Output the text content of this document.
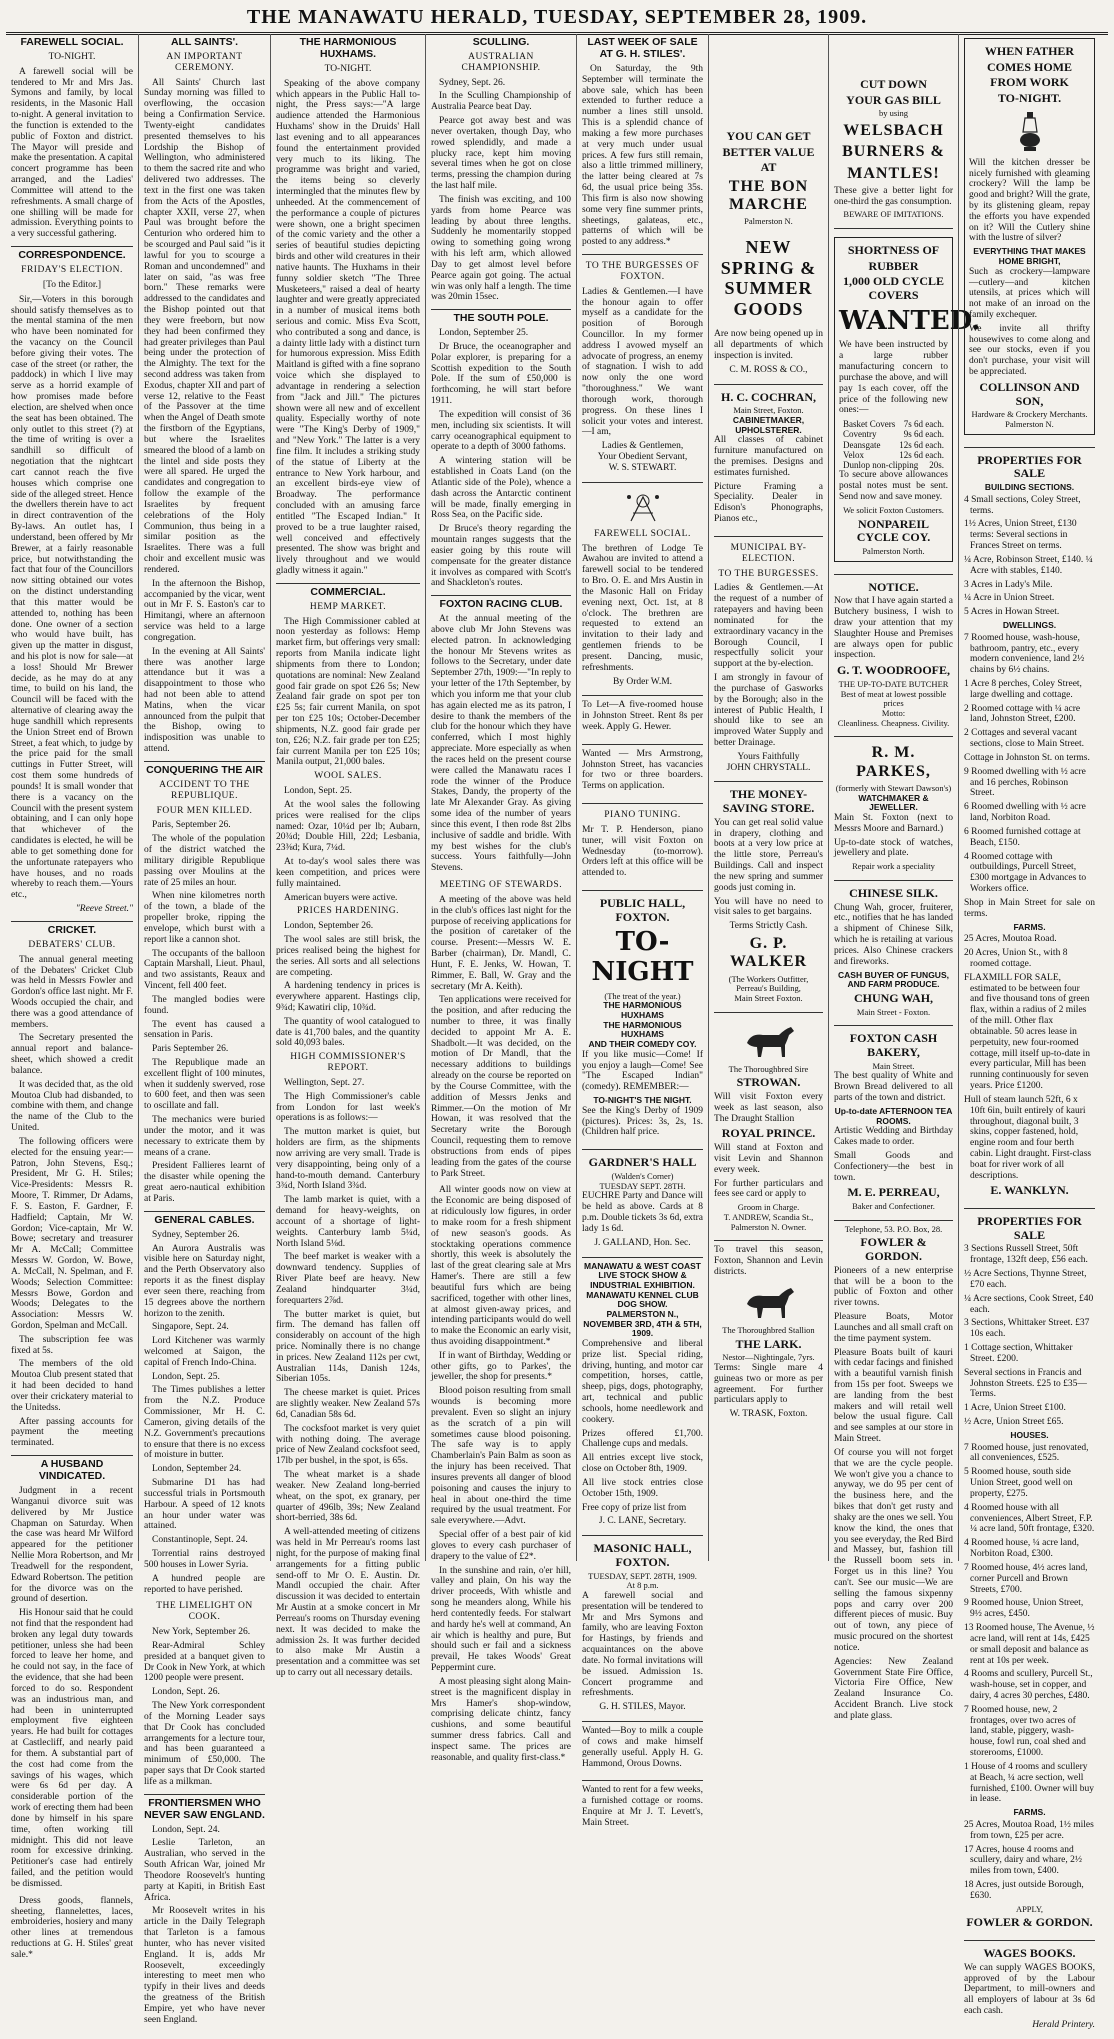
THE MANAWATU HERALD, TUESDAY, SEPTEMBER 28, 1909.
FAREWELL SOCIAL.
TO-NIGHT.

A farewell social will be tendered to Mr and Mrs Jas. Symons and family, by local residents, in the Masonic Hall to-night. A general invitation to the function is extended to the public of Foxton and district. The Mayor will preside and make the presentation. A capital concert programme has been arranged, and the Ladies' Committee will attend to the refreshments. A small charge of one shilling will be made for admission. Everything points to a very successful gathering.

CORRESPONDENCE.
FRIDAY'S ELECTION.
[To the Editor.]

Sir,—Voters in this borough should satisfy themselves as to the mental stamina of the men who have been nominated for the vacancy on the Council before giving their votes. The case of the street (or rather, the paddock) in which I live may serve as a horrid example of how promises made before election, are shelved when once the seat has been obtained. The only outlet to this street (?) at the time of writing is over a sandhill so difficult of negotiation that the nightcart cart cannot reach the five houses which comprise one side of the alleged street. Hence the dwellers therein have to act in direct contravention of the By-laws. An outlet has, I understand, been offered by Mr Brewer, at a fairly reasonable price, but notwithstanding the fact that four of the Councillors now sitting obtained our votes on the distinct understanding that this matter would be attended to, nothing has been done. One owner of a section who would have built, has given up the matter in disgust, and his plot is now for sale—at a loss! Should Mr Brewer decide, as he may do at any time, to build on his land, the Council will be faced with the alternative of clearing away the huge sandhill which represents the Union Street end of Brown Street, a feat which, to judge by the price paid for the small cuttings in Futter Street, will cost them some hundreds of pounds! It is small wonder that there is a vacancy on the Council with the present system obtaining, and I can only hope that whichever of the candidates is elected, he will be able to get something done for the unfortunate ratepayers who have houses, and no roads whereby to reach them.—Yours etc.,

"Reeve Street."
CRICKET.
DEBATERS' CLUB.

The annual general meeting of the Debaters' Cricket Club was held in Messrs Fowler and Gordon's office last night. Mr F. Woods occupied the chair, and there was a good attendance of members.

The Secretary presented the annual report and balance-sheet, which showed a credit balance.

It was decided that, as the old Moutoa Club had disbanded, to combine with them, and change the name of the Club to the United.

The following officers were elected for the ensuing year:—Patron, John Stevens, Esq.; President, Mr G. H. Stiles; Vice-Presidents: Messrs R. Moore, T. Rimmer, Dr Adams, F. S. Easton, F. Gardner, F. Hadfield; Captain, Mr W. Gordon; Vice-captain, Mr W. Bowe; secretary and treasurer Mr A. McCall; Committee Messrs W. Gordon, W. Bowe, A. McCall, N. Spelman, and F. Woods; Selection Committee: Messrs Bowe, Gordon and Woods; Delegates to the Association: Messrs W. Gordon, Spelman and McCall.

The subscription fee was fixed at 5s.

The members of the old Moutoa Club present stated that it had been decided to hand over their crickatery material to the Unitedss.

After passing accounts for payment the meeting terminated.

A HUSBAND VINDICATED.

Judgment in a recent Wanganui divorce suit was delivered by Mr Justice Chapman on Saturday. When the case was heard Mr Wilford appeared for the petitioner Nellie Mora Robertson, and Mr Treadwell for the respondent, Edward Robertson. The petition for the divorce was on the ground of desertion.

His Honour said that he could not find that the respondent had broken any legal duty towards petitioner, unless she had been forced to leave her home, and he could not say, in the face of the evidence, that she had been forced to do so. Respondent was an industrious man, and had been in uninterrupted employment five eighteen years. He had built for cottages at Castlecliff, and nearly paid for them. A substantial part of the cost had come from the savings of his wages, which were 6s 6d per day. A considerable portion of the work of erecting them had been done by himself in his spare time, often working till midnight. This did not leave room for excessive drinking. Petitioner's case had entirely failed, and the petition would be dismissed.

Dress goods, flannels, sheeting, flannelettes, laces, embroideries, hosiery and many other lines at tremendous reductions at G. H. Stiles' great sale.*

ALL SAINTS'.
AN IMPORTANT CEREMONY.

All Saints' Church last Sunday morning was filled to overflowing, the occasion being a Confirmation Service. Twenty-eight candidates presented themselves to his Lordship the Bishop of Wellington, who administered to them the sacred rite and who delivered two addresses. The text in the first one was taken from the Acts of the Apostles, chapter XXII, verse 27, when Paul was brought before the Centurion who ordered him to be scourged and Paul said "is it lawful for you to scourge a Roman and uncondemned" and later on said, "as was free born." These remarks were addressed to the candidates and the Bishop pointed out that they were freeborn, but now they had been confirmed they had greater privileges than Paul being under the protection of the Almighty. The text for the second address was taken from Exodus, chapter XII and part of verse 12, relative to the Feast of the Passover at the time when the Angel of Death smote the firstborn of the Egyptians, but where the Israelites smeared the blood of a lamb on the lintel and side posts they were all spared. He urged the candidates and congregation to follow the example of the Israelites by frequent celebrations of the Holy Communion, thus being in a similar position as the Israelites. There was a full choir and excellent music was rendered.

In the afternoon the Bishop, accompanied by the vicar, went out in Mr F. S. Easton's car to Himitangi, where an afternoon service was held to a large congregation.

In the evening at All Saints' there was another large attendance but it was a disappointment to those who had not been able to attend Matins, when the vicar announced from the pulpit that the Bishop, owing to indisposition was unable to attend.

CONQUERING THE AIR
ACCIDENT TO THE REPUBLIQUE.
FOUR MEN KILLED.

Paris, September 26.

The whole of the population of the district watched the military dirigible Republique passing over Moulins at the rate of 25 miles an hour.

When nine kilometres north of the town, a blade of the propeller broke, ripping the envelope, which burst with a report like a cannon shot.

The occupants of the balloon Captain Marshall, Lieut. Phaul, and two assistants, Reaux and Vincent, fell 400 feet.

The mangled bodies were found.

The event has caused a sensation in Paris.

Paris September 26.

The Republique made an excellent flight of 100 minutes, when it suddenly swerved, rose to 600 feet, and then was seen to oscillate and fall.

The mechanics were buried under the motor, and it was necessary to extricate them by means of a crane.

President Fallieres learnt of the disaster while opening the great aero-nautical exhibition at Paris.

GENERAL CABLES.

Sydney, September 26.

An Aurora Australis was visible here on Saturday night, and the Perth Observatory also reports it as the finest display ever seen there, reaching from 15 degrees above the northern horizon to the zenith.

Singapore, Sept. 24.

Lord Kitchener was warmly welcomed at Saigon, the capital of French Indo-China.

London, Sept. 25.

The Times publishes a letter from the N.Z. Produce Commissioner, Mr H. C. Cameron, giving details of the N.Z. Government's precautions to ensure that there is no excess of moisture in butter.

London, September 24.

Submarine D1 has had successful trials in Portsmouth Harbour. A speed of 12 knots an hour under water was attained.

Constantinople, Sept. 24.

Torrential rains destroyed 500 houses in Lower Syria.

A hundred people are reported to have perished.

THE LIMELIGHT ON COOK.

New York, September 26.

Rear-Admiral Schley presided at a banquet given to Dr Cook in New York, at which 1200 people were present.

London, Sept. 26.

The New York correspondent of the Morning Leader says that Dr Cook has concluded arrangements for a lecture tour, and has been guaranteed a minimum of £50,000. The paper says that Dr Cook started life as a milkman.

FRONTIERSMEN WHO NEVER SAW ENGLAND.

London, Sept. 24.

Leslie Tarleton, an Australian, who served in the South African War, joined Mr Theodore Roosevelt's hunting party at Kapiti, in British East Africa.

Mr Roosevelt writes in his article in the Daily Telegraph that Tarleton is a famous hunter, who has never visited England. It is, adds Mr Roosevelt, exceedingly interesting to meet men who typify in their lives and deeds the greatness of the British Empire, yet who have never seen England.

THE HARMONIOUS HUXHAMS.
TO-NIGHT.

Speaking of the above company which appears in the Public Hall to-night, the Press says:—"A large audience attended the Harmonious Huxhams' show in the Druids' Hall last evening and to all appearances found the entertainment provided very much to its liking. The programme was bright and varied, the items being so cleverly intermingled that the minutes flew by unheeded. At the commencement of the performance a couple of pictures were shown, one a bright specimen of the comic variety and the other a series of beautiful studies depicting birds and other wild creatures in their native haunts. The Huxhams in their funny soldier sketch "The Three Musketeers," raised a deal of hearty laughter and were greatly appreciated in a number of musical items both serious and comic. Miss Eva Scott, who contributed a song and dance, is a dainty little lady with a distinct turn for humorous expression. Miss Edith Maitland is gifted with a fine soprano voice which she displayed to advantage in rendering a selection from "Jack and Jill." The pictures shown were all new and of excellent quality. Especially worthy of note were "The King's Derby of 1909," and "New York." The latter is a very fine film. It includes a striking study of the statue of Liberty at the entrance to New York harbour, and an excellent birds-eye view of Broadway. The performance concluded with an amusing farce entitled "The Escaped Indian." It proved to be a true laughter raised, well conceived and effectively presented. The show was bright and lively throughout and we would gladly witness it again."

COMMERCIAL.
HEMP MARKET.

The High Commissioner cabled at noon yesterday as follows: Hemp market firm, but offerings very small: reports from Manila indicate light shipments from there to London; quotations are nominal: New Zealand good fair grade on spot £26 5s; New Zealand fair grade on spot per ton £25 5s; fair current Manila, on spot per ton £25 10s; October-December shipments, N.Z. good fair grade per ton, £26; N.Z. fair grade per ton £25; fair current Manila per ton £25 10s; Manila output, 21,000 bales.

WOOL SALES.

London, Sept. 25.

At the wool sales the following prices were realised for the clips named: Ozar, 10¼d per lb; Aubarn, 20¾d; Double Hill, 22d; Lesbania, 23⅜d; Kura, 7¼d.

At to-day's wool sales there was keen competition, and prices were fully maintained.

American buyers were active.

PRICES HARDENING.

London, September 26.

The wool sales are still brisk, the prices realised being the highest for the series. All sorts and all selections are competing.

A hardening tendency in prices is everywhere apparent. Hastings clip, 9¾d; Kawatiri clip, 10¾d.

The quantity of wool catalogued to date is 41,700 bales, and the quantity sold 40,093 bales.

HIGH COMMISSIONER'S REPORT.

Wellington, Sept. 27.

The High Commissioner's cable from London for last week's operations is as follows:—

The mutton market is quiet, but holders are firm, as the shipments now arriving are very small. Trade is very disappointing, being only of a hand-to-mouth demand. Canterbury 3¾d, North Island 3¾d.

The lamb market is quiet, with a demand for heavy-weights, on account of a shortage of light-weights. Canterbury lamb 5¼d, North Island 5⅛d.

The beef market is weaker with a downward tendency. Supplies of River Plate beef are heavy. New Zealand hindquarter 3¼d, forequarters 2⅞d.

The butter market is quiet, but firm. The demand has fallen off considerably on account of the high price. Nominally there is no change in prices. New Zealand 112s per cwt, Australian 114s, Danish 124s, Siberian 105s.

The cheese market is quiet. Prices are slightly weaker. New Zealand 57s 6d, Canadian 58s 6d.

The cocksfoot market is very quiet with nothing doing. The average price of New Zealand cocksfoot seed, 17lb per bushel, in the spot, is 65s.

The wheat market is a shade weaker. New Zealand long-berried wheat, on the spot, ex granary, per quarter of 496lb, 39s; New Zealand short-berried, 38s 6d.

A well-attended meeting of citizens was held in Mr Perreau's rooms last night, for the purpose of making final arrangements for a fitting public send-off to Mr O. E. Austin. Dr. Mandl occupied the chair. After discussion it was decided to entertain Mr Austin at a smoke concert in Mr Perreau's rooms on Thursday evening next. It was decided to make the admission 2s. It was further decided to also make Mr Austin a presentation and a committee was set up to carry out all necessary details.

SCULLING.
AUSTRALIAN CHAMPIONSHIP.

Sydney, Sept. 26.

In the Sculling Championship of Australia Pearce beat Day.

Pearce got away best and was never overtaken, though Day, who rowed splendidly, and made a plucky race, kept him moving several times when he got on close terms, pressing the champion during the last half mile.

The finish was exciting, and 100 yards from home Pearce was leading by about three lengths. Suddenly he momentarily stopped owing to something going wrong with his left arm, which allowed Day to get almost level before Pearce again got going. The actual win was only half a length. The time was 20min 15sec.

THE SOUTH POLE.

London, September 25.

Dr Bruce, the oceanographer and Polar explorer, is preparing for a Scottish expedition to the South Pole. If the sum of £50,000 is forthcoming, he will start before 1911.

The expedition will consist of 36 men, including six scientists. It will carry oceanographical equipment to operate to a depth of 3000 fathoms.

A wintering station will be established in Coats Land (on the Atlantic side of the Pole), whence a dash across the Antarctic continent will be made, finally emerging in Ross Sea, on the Pacific side.

Dr Bruce's theory regarding the mountain ranges suggests that the easier going by this route will compensate for the greater distance it involves as compared with Scott's and Shackleton's routes.

FOXTON RACING CLUB.

At the annual meeting of the above club Mr John Stevens was elected patron. In acknowledging the honour Mr Stevens writes as follows to the Secretary, under date September 27th, 1909:—"In reply to your letter of the 17th September, by which you inform me that your club has again elected me as its patron, I desire to thank the members of the club for the honour which they have conferred, which I most highly appreciate. More especially as when the races held on the present course were called the Manawatu races I rode the winner of the Produce Stakes, Dandy, the property of the late Mr Alexander Gray. As giving some idea of the number of years since this event, I then rode 8st 2lbs inclusive of saddle and bridle. With my best wishes for the club's success. Yours faithfully—John Stevens.

MEETING OF STEWARDS.

A meeting of the above was held in the club's offices last night for the purpose of receiving applications for the position of caretaker of the course. Present:—Messrs W. E. Barber (chairman), Dr. Mandl, C. Hunt, F. E. Jenks, W. Howan, T. Rimmer, E. Ball, W. Gray and the secretary (Mr A. Keith).

Ten applications were received for the position, and after reducing the number to three, it was finally decided to appoint Mr A. E. Shadbolt.—It was decided, on the motion of Dr Mandl, that the necessary additions to buildings already on the course be reported on by the Course Committee, with the addition of Messrs Jenks and Rimmer.—On the motion of Mr Howan, it was resolved that the Secretary write the Borough Council, requesting them to remove obstructions from ends of pipes leading from the gates of the course to Park Street.

All winter goods now on view at the Economic are being disposed of at ridiculously low figures, in order to make room for a fresh shipment of new season's goods. As stocktaking operations commence shortly, this week is absolutely the last of the great clearing sale at Mrs Hamer's. There are still a few beautiful furs which are being sacrificed, together with other lines, at almost given-away prices, and intending participants would do well to make the Economic an early visit, thus avoiding disappointment.*

If in want of Birthday, Wedding or other gifts, go to Parkes', the jeweller, the shop for presents.*

Blood poison resulting from small wounds is becoming more prevalent. Even so slight an injury as the scratch of a pin will sometimes cause blood poisoning. The safe way is to apply Chamberlain's Pain Balm as soon as the injury has been received. That insures prevents all danger of blood poisoning and causes the injury to heal in about one-third the time required by the usual treatment. For sale everywhere.—Advt.

Special offer of a best pair of kid gloves to every cash purchaser of drapery to the value of £2*.

In the sunshine and rain, o'er hill, valley and plain, On his way the driver proceeds, With whistle and song he meanders along, While his herd contentedly feeds. For stalwart and hardy he's well at command, An air which is healthy and pure, But should such er fail and a sickness prevail, He takes Woods' Great Peppermint cure.

A most pleasing sight along Main-street is the magnificent display in Mrs Hamer's shop-window, comprising delicate chintz, fancy cushions, and some beautiful summer dress fabrics. Call and inspect same. The prices are reasonable, and quality first-class.*

LAST WEEK OF SALE AT G. H. STILES'.

On Saturday, the 9th September will terminate the above sale, which has been extended to further reduce a number a lines still unsold. This is a splendid chance of making a few more purchases at very much under usual prices. A few furs still remain, also a little trimmed millinery, the latter being cleared at 7s 6d, the usual price being 35s. This firm is also now showing some very fine summer prints, sheetings, galateas, etc., patterns of which will be posted to any address.*

TO THE BURGESSES OF FOXTON.

Ladies & Gentlemen.—I have the honour again to offer myself as a candidate for the position of Borough Councillor. In my former address I avowed myself an advocate of progress, an enemy of stagnation. I wish to add now only the one word "thoroughness." We want thorough work, thorough progress. On these lines I solicit your votes and interest.—I am,

Ladies & Gentlemen,
Your Obedient Servant,
W. S. STEWART.
FAREWELL SOCIAL.

The brethren of Lodge Te Awahou are invited to attend a farewell social to be tendered to Bro. O. E. and Mrs Austin in the Masonic Hall on Friday evening next, Oct. 1st, at 8 o'clock. The brethren are requested to extend an invitation to their lady and gentlemen friends to be present. Dancing, music, refreshments.

By Order W.M.

To Let—A five-roomed house in Johnston Street. Rent 8s per week. Apply G. Hewer.

Wanted — Mrs Armstrong, Johnston Street, has vacancies for two or three boarders. Terms on application.

PIANO TUNING.

Mr T. P. Henderson, piano tuner, will visit Foxton on Wednesday (to-morrow). Orders left at this office will be attended to.

PUBLIC HALL, FOXTON.
TO-NIGHT
(The treat of the year.)
THE HARMONIOUS HUXHAMS
THE HARMONIOUS HUXHAMS
AND THEIR COMEDY COY.

If you like music—Come! If you enjoy a laugh—Come! See "The Escaped Indian" (comedy). REMEMBER:—

TO-NIGHT'S THE NIGHT.

See the King's Derby of 1909 (pictures). Prices: 3s, 2s, 1s. (Children half price.

GARDNER'S HALL
(Walden's Corner)
TUESDAY SEPT. 28TH.

EUCHRE Party and Dance will be held as above. Cards at 8 p.m. Double tickets 3s 6d, extra lady 1s 6d.

J. GALLAND, Hon. Sec.
MANAWATU & WEST COAST LIVE STOCK SHOW & INDUSTRIAL EXHIBITION.
MANAWATU KENNEL CLUB DOG SHOW.
PALMERSTON N., NOVEMBER 3RD, 4TH & 5TH, 1909.

Comprehensive and liberal prize list. Special riding, driving, hunting, and motor car competition, horses, cattle, sheep, pigs, dogs, photography, art, technical and public schools, home needlework and cookery.

Prizes offered £1,700. Challenge cups and medals.

All entries except live stock, close on October 8th, 1909.

All live stock entries close October 15th, 1909.

Free copy of prize list from

J. C. LANE, Secretary.
MASONIC HALL, FOXTON.
TUESDAY, SEPT. 28TH, 1909.
At 8 p.m.

A farewell social and presentation will be tendered to Mr and Mrs Symons and family, who are leaving Foxton for Hastings, by friends and acquaintances on the above date. No formal invitations will be issued. Admission 1s. Concert programme and refreshments.

G. H. STILES, Mayor.

Wanted—Boy to milk a couple of cows and make himself generally useful. Apply H. G. Hammond, Orous Downs.

Wanted to rent for a few weeks, a furnished cottage or rooms. Enquire at Mr J. T. Levett's, Main Street.

YOU CAN GET
BETTER VALUE
AT
THE BON MARCHE
Palmerston N.
NEW SPRING & SUMMER GOODS

Are now being opened up in all departments of which inspection is invited.

C. M. ROSS & CO.,
H. C. COCHRAN,
Main Street, Foxton.
CABINETMAKER, UPHOLSTERER.

All classes of cabinet furniture manufactured on the premises. Designs and estimates furnished.

Picture Framing a Speciality. Dealer in Edison's Phonographs, Pianos etc.,

MUNICIPAL BY-ELECTION.
TO THE BURGESSES.

Ladies & Gentlemen.—At the request of a number of ratepayers and having been nominated for the extraordinary vacancy in the Borough Council, I respectfully solicit your support at the by-election.

I am strongly in favour of the purchase of Gasworks by the Borough; also in the interest of Public Health, I should like to see an improved Water Supply and better Drainage.

Yours Faithfully
JOHN CHRYSTALL.
THE MONEY-SAVING STORE.

You can get real solid value in drapery, clothing and boots at a very low price at the little store, Perreau's Buildings. Call and inspect the new spring and summer goods just coming in.

You will have no need to visit sales to get bargains.

Terms Strictly Cash.
G. P. WALKER
(The Workers Outfitter,
Perreau's Building,
Main Street Foxton.
The Thoroughbred Sire
STROWAN.

Will visit Foxton every week as last season, also The Draught Stallion

ROYAL PRINCE.

Will stand at Foxton and visit Levin and Shannon every week.

For further particulars and fees see card or apply to

Groom in Charge.
T. ANDREW, Scandia St., Palmerston N. Owner.

To travel this season, Foxton, Shannon and Levin districts.

The Thoroughbred Stallion
THE LARK.
Nestor—Nightingale, 7yrs.

Terms: Single mare 4 guineas two or more as per agreement. For further particulars apply to

W. TRASK, Foxton.
CUT DOWN
YOUR GAS BILL
by using
WELSBACH
BURNERS &
MANTLES!

These give a better light for one-third the gas consumption.

BEWARE OF IMITATIONS.
SHORTNESS OF
RUBBER
1,000 OLD CYCLE COVERS
WANTED.

We have been instructed by a large rubber manufacturing concern to purchase the above, and will pay 1s each cover, off the price of the following new ones:—

Basket Covers 7s 6d each.
Coventry	9s 6d each.
Deansgate 12s 6d each.
Velox	12s 6d each.
Dunlop non-clipping 20s.

To secure above allowances postal notes must be sent. Send now and save money.

We solicit Foxton Customers.
NONPAREIL CYCLE COY.
Palmerston North.
NOTICE.

Now that I have again started a Butchery business, I wish to draw your attention that my Slaughter House and Premises are always open for public inspection.

G. T. WOODROOFE,
THE UP-TO-DATE BUTCHER
Best of meat at lowest possible prices
Motto:
Cleanliness. Cheapness. Civility.
R. M. PARKES,
(formerly with Stewart Dawson's)
WATCHMAKER & JEWELLER.

Main St. Foxton (next to Messrs Moore and Barnard.)

Up-to-date stock of watches, jewellery and plate.

Repair work a speciality
CHINESE SILK.

Chung Wah, grocer, fruiterer, etc., notifies that he has landed a shipment of Chinese Silk, which he is retailing at various prices. Also Chinese crackers and fireworks.

CASH BUYER OF FUNGUS, AND FARM PRODUCE.
CHUNG WAH,
Main Street - Foxton.
FOXTON CASH BAKERY,
Main Street.

The best quality of White and Brown Bread delivered to all parts of the town and district.

Up-to-date AFTERNOON TEA ROOMS.

Artistic Wedding and Birthday Cakes made to order.

Small Goods and Confectionery—the best in town.

M. E. PERREAU,
Baker and Confectioner.
Telephone, 53. P.O. Box, 28.
FOWLER & GORDON.

Pioneers of a new enterprise that will be a boon to the public of Foxton and other river towns.

Pleasure Boats, Motor Launches and all small craft on the time payment system.

Pleasure Boats built of kauri with cedar facings and finished with a beautiful varnish finish from 15s per foot. Sweeps we are landing from the best makers and will retail well below the usual figure. Call and see samples at our store in Main Street.

Of course you will not forget that we are the cycle people. We won't give you a chance to anyway, we do 95 per cent of the business here, and the bikes that don't get rusty and shaky are the ones we sell. You know the kind, the ones that you see everyday, the Red Bird and Massey, but, fashion till the Russell boom sets in. Forget us in this line? You can't. See our music—We are selling the famous sixpenny pops and carry over 200 different pieces of music. Buy out of town, any piece of music procured on the shortest notice.

Agencies: New Zealand Government State Fire Office, Victoria Fire Office, New Zealand Insurance Co. Accident Branch. Live stock and plate glass.

WHEN FATHER
COMES HOME
FROM WORK
TO-NIGHT.

Will the kitchen dresser be nicely furnished with gleaming crockery? Will the lamp be good and bright? Will the grate, by its glistening gleam, repay the efforts you have expended on it? Will the Cutlery shine with the lustre of silver?

EVERYTHING THAT MAKES HOME BRIGHT,

Such as crockery—lampware—cutlery—and kitchen utensils, at prices which will not make of an inroad on the family exchequer.

We invite all thrifty housewives to come along and see our stocks, even if you don't purchase, your visit will be appreciated.

COLLINSON AND SON,
Hardware & Crockery Merchants.
Palmerston N.
PROPERTIES FOR SALE
BUILDING SECTIONS.
4 Small sections, Coley Street, terms.
1½ Acres, Union Street, £130 terms: Several sections in Frances Street on terms.
¼ Acre, Robinson Street, £140. ¼ Acre with stables, £140.
3 Acres in Lady's Mile.
¼ Acre in Union Street.
5 Acres in Howan Street.
DWELLINGS.
7 Roomed house, wash-house, bathroom, pantry, etc., every modern convenience, land 2½ chains by 6½ chains.
1 Acre 8 perches, Coley Street, large dwelling and cottage.
2 Roomed cottage with ¼ acre land, Johnston Street, £200.
2 Cottages and several vacant sections, close to Main Street.
Cottage in Johnston St. on terms.
9 Roomed dwelling with ½ acre and 16 perches, Robinson Street.
6 Roomed dwelling with ½ acre land, Norbiton Road.
6 Roomed furnished cottage at Beach, £150.
4 Roomed cottage with outbuildings, Purcell Street, £300 mortgage in Advances to Workers office.

Shop in Main Street for sale on terms.

FARMS.
25 Acres, Moutoa Road.
20 Acres, Union St., with 8 roomed cottage.
FLAXMILL FOR SALE, estimated to be between four and five thousand tons of green flax, within a radius of 2 miles of the mill. Other flax obtainable. 50 acres lease in perpetuity, new four-roomed cottage, mill itself up-to-date in every particular, Mill has been running continuously for seven years. Price £1200.
Hull of steam launch 52ft, 6 x 10ft 6in, built entirely of kauri throughout, diagonal built, 3 skins, copper fastened, hold, engine room and four berth cabin. Light draught. First-class boat for river work of all descriptions.
E. WANKLYN.
PROPERTIES FOR SALE
3 Sections Russell Street, 50ft frontage, 132ft deep, £56 each.
½ Acre Sections, Thynne Street, £70 each.
¼ Acre sections, Cook Street, £40 each.
3 Sections, Whittaker Street. £37 10s each.
1 Cottage section, Whittaker Street. £200.
Several sections in Francis and Johnston Streets. £25 to £35—Terms.
1 Acre, Union Street £100.
½ Acre, Union Street £65.
HOUSES.
7 Roomed house, just renovated, all conveniences, £525.
5 Roomed house, south side Union Street, good well on property, £275.
4 Roomed house with all conveniences, Albert Street, F.P. ¼ acre land, 50ft frontage, £320.
4 Roomed house, ¼ acre land, Norbiton Road, £300.
7 Roomed house, 4½ acres land, corner Purcell and Brown Streets, £700.
9 Roomed house, Union Street, 9½ acres, £450.
13 Roomed house, The Avenue, ½ acre land, will rent at 14s, £425 or small deposit and balance as rent at 10s per week.
4 Rooms and scullery, Purcell St., wash-house, set in copper, and dairy, 4 acres 30 perches, £480.
7 Roomed house, new, 2 frontages, over two acres of land, stable, piggery, wash-house, fowl run, coal shed and storerooms, £1000.
1 House of 4 rooms and scullery at Beach, ¼ acre section, well furnished, £100. Owner will buy in lease.
FARMS.
25 Acres, Moutoa Road, 1½ miles from town, £25 per acre.
17 Acres, house 4 rooms and scullery, dairy and whare, 2½ miles from town, £400.
18 Acres, just outside Borough, £630.
APPLY,
FOWLER & GORDON.
WAGES BOOKS.

We can supply WAGES BOOKS, approved of by the Labour Department, to mill-owners and all employers of labour at 3s 6d each cash.

Herald Printery.
